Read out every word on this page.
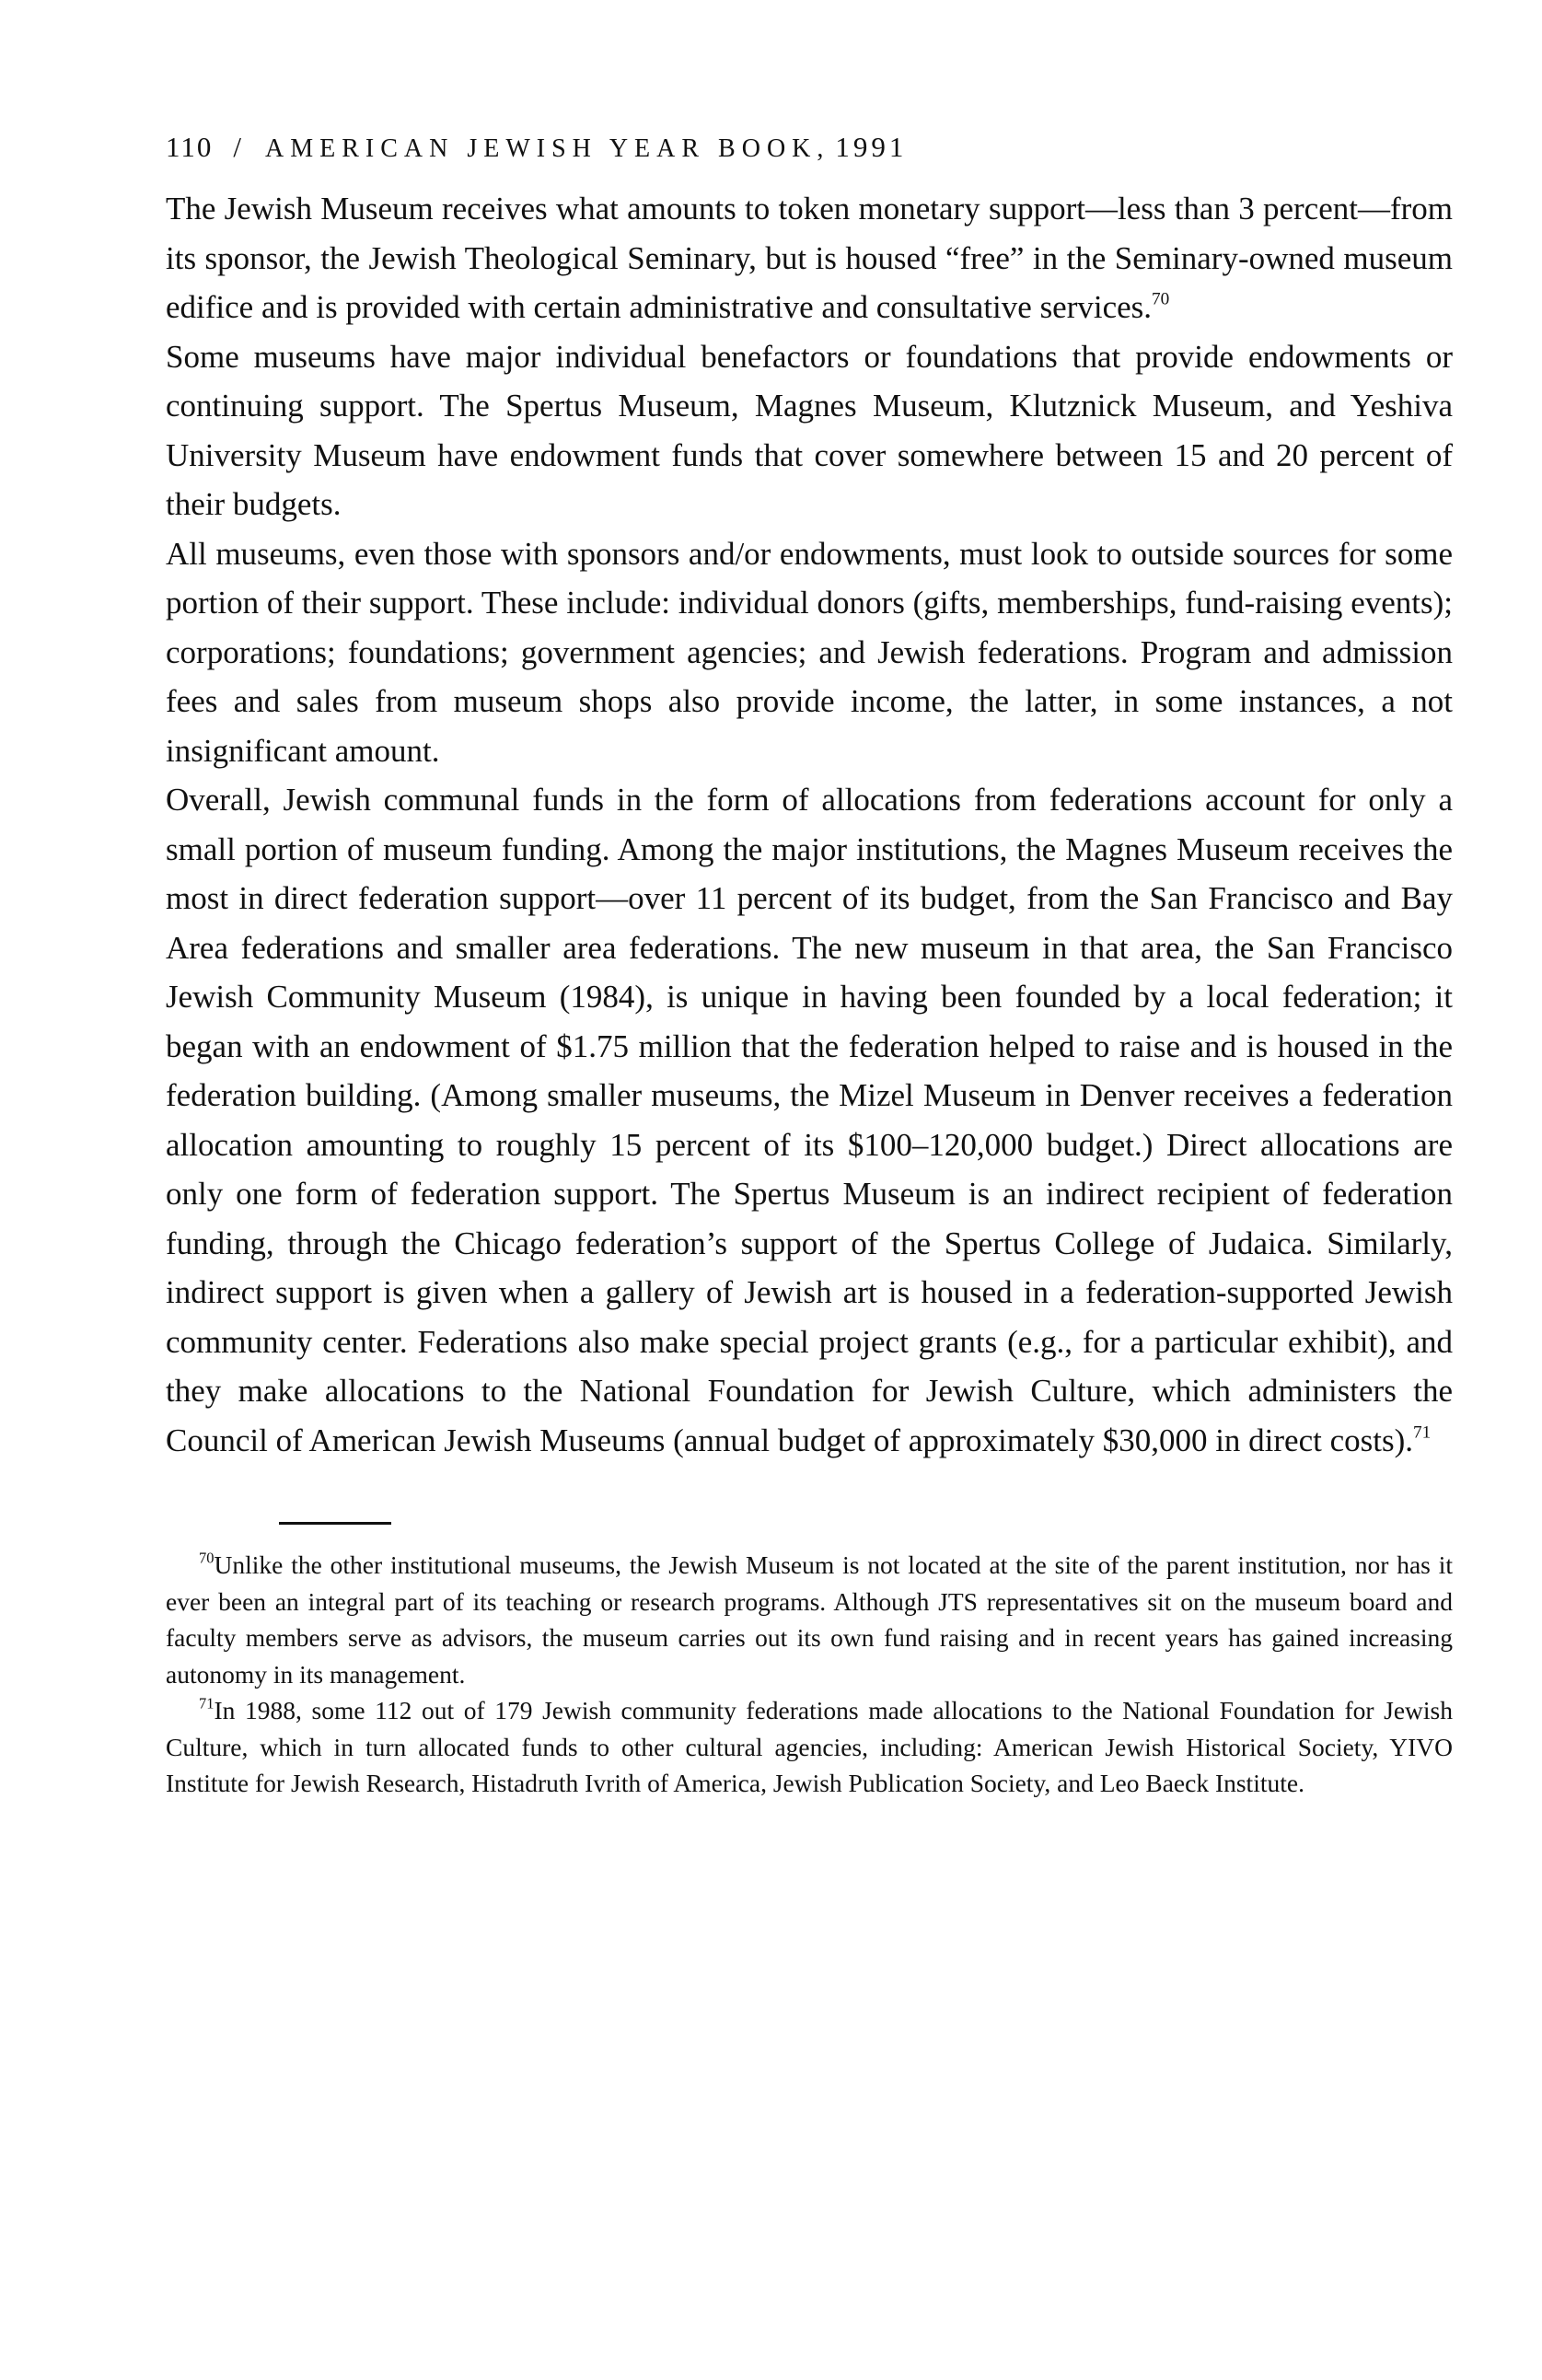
110 / AMERICAN JEWISH YEAR BOOK, 1991

The Jewish Museum receives what amounts to token monetary support—less than 3 percent—from its sponsor, the Jewish Theological Seminary, but is housed “free” in the Seminary-owned museum edifice and is provided with certain administrative and consultative services.$^{70}$

Some museums have major individual benefactors or foundations that provide endowments or continuing support. The Spertus Museum, Magnes Museum, Klutznick Museum, and Yeshiva University Museum have endowment funds that cover somewhere between 15 and 20 percent of their budgets.

All museums, even those with sponsors and/or endowments, must look to outside sources for some portion of their support. These include: individual donors (gifts, memberships, fund-raising events); corporations; foundations; government agencies; and Jewish federations. Program and admission fees and sales from museum shops also provide income, the latter, in some instances, a not insignificant amount.

Overall, Jewish communal funds in the form of allocations from federations account for only a small portion of museum funding. Among the major institutions, the Magnes Museum receives the most in direct federation support—over 11 percent of its budget, from the San Francisco and Bay Area federations and smaller area federations. The new museum in that area, the San Francisco Jewish Community Museum (1984), is unique in having been founded by a local federation; it began with an endowment of $1.75 million that the federation helped to raise and is housed in the federation building. (Among smaller museums, the Mizel Museum in Denver receives a federation allocation amounting to roughly 15 percent of its $100–120,000 budget.) Direct allocations are only one form of federation support. The Spertus Museum is an indirect recipient of federation funding, through the Chicago federation’s support of the Spertus College of Judaica. Similarly, indirect support is given when a gallery of Jewish art is housed in a federation-supported Jewish community center. Federations also make special project grants (e.g., for a particular exhibit), and they make allocations to the National Foundation for Jewish Culture, which administers the Council of American Jewish Museums (annual budget of approximately $30,000 in direct costs).$^{71}$

$^{70}$Unlike the other institutional museums, the Jewish Museum is not located at the site of the parent institution, nor has it ever been an integral part of its teaching or research programs. Although JTS representatives sit on the museum board and faculty members serve as advisors, the museum carries out its own fund raising and in recent years has gained increasing autonomy in its management.

$^{71}$In 1988, some 112 out of 179 Jewish community federations made allocations to the National Foundation for Jewish Culture, which in turn allocated funds to other cultural agencies, including: American Jewish Historical Society, YIVO Institute for Jewish Research, Histadruth Ivrith of America, Jewish Publication Society, and Leo Baeck Institute.
